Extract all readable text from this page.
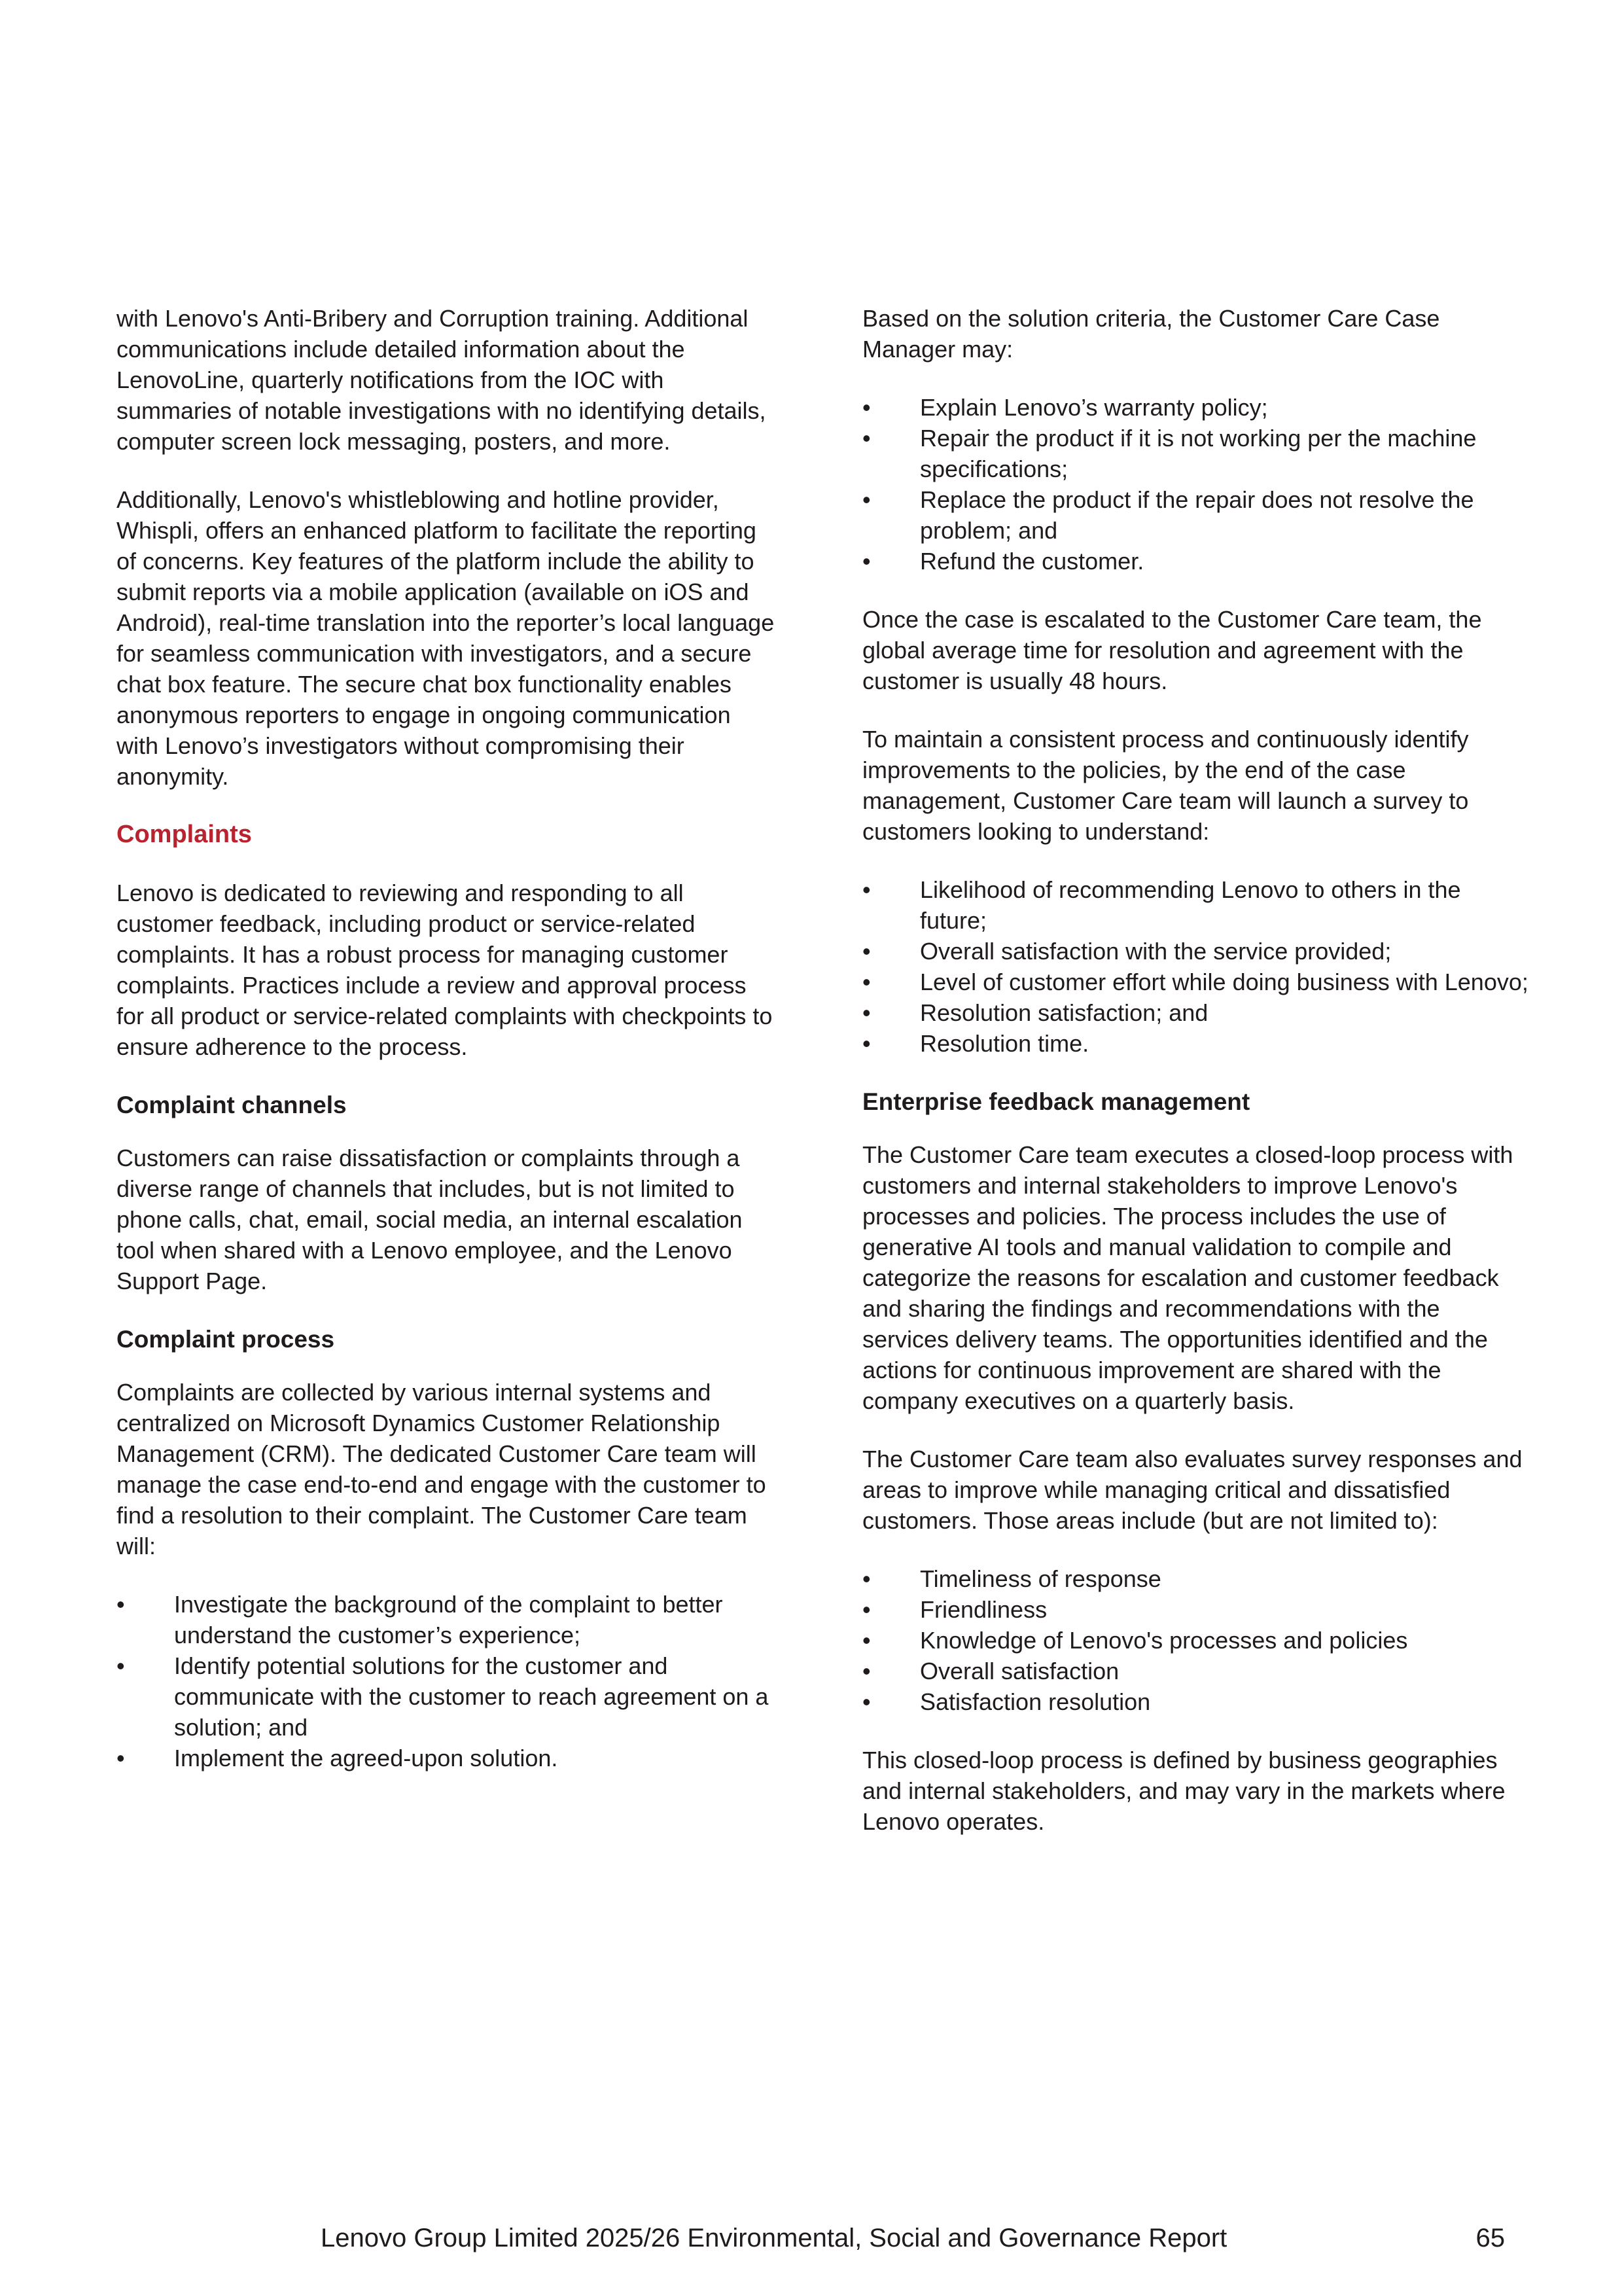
with Lenovo's Anti-Bribery and Corruption training. Additional communications include detailed information about the LenovoLine, quarterly notifications from the IOC with summaries of notable investigations with no identifying details, computer screen lock messaging, posters, and more.

Additionally, Lenovo's whistleblowing and hotline provider, Whispli, offers an enhanced platform to facilitate the reporting of concerns. Key features of the platform include the ability to submit reports via a mobile application (available on iOS and Android), real-time translation into the reporter’s local language for seamless communication with investigators, and a secure chat box feature. The secure chat box functionality enables anonymous reporters to engage in ongoing communication with Lenovo’s investigators without compromising their anonymity.

Complaints

Lenovo is dedicated to reviewing and responding to all customer feedback, including product or service-related complaints. It has a robust process for managing customer complaints. Practices include a review and approval process for all product or service-related complaints with checkpoints to ensure adherence to the process.

Complaint channels

Customers can raise dissatisfaction or complaints through a diverse range of channels that includes, but is not limited to phone calls, chat, email, social media, an internal escalation tool when shared with a Lenovo employee, and the Lenovo Support Page.

Complaint process

Complaints are collected by various internal systems and centralized on Microsoft Dynamics Customer Relationship Management (CRM). The dedicated Customer Care team will manage the case end-to-end and engage with the customer to find a resolution to their complaint. The Customer Care team will:

• Investigate the background of the complaint to better understand the customer’s experience;
• Identify potential solutions for the customer and communicate with the customer to reach agreement on a solution; and
• Implement the agreed-upon solution.

Based on the solution criteria, the Customer Care Case Manager may:

• Explain Lenovo’s warranty policy;
• Repair the product if it is not working per the machine specifications;
• Replace the product if the repair does not resolve the problem; and
• Refund the customer.

Once the case is escalated to the Customer Care team, the global average time for resolution and agreement with the customer is usually 48 hours.

To maintain a consistent process and continuously identify improvements to the policies, by the end of the case management, Customer Care team will launch a survey to customers looking to understand:

• Likelihood of recommending Lenovo to others in the future;
• Overall satisfaction with the service provided;
• Level of customer effort while doing business with Lenovo;
• Resolution satisfaction; and
• Resolution time.
Enterprise feedback management

The Customer Care team executes a closed-loop process with customers and internal stakeholders to improve Lenovo's processes and policies. The process includes the use of generative AI tools and manual validation to compile and categorize the reasons for escalation and customer feedback and sharing the findings and recommendations with the services delivery teams. The opportunities identified and the actions for continuous improvement are shared with the company executives on a quarterly basis.

The Customer Care team also evaluates survey responses and areas to improve while managing critical and dissatisfied customers. Those areas include (but are not limited to):

• Timeliness of response
• Friendliness
• Knowledge of Lenovo's processes and policies
• Overall satisfaction
• Satisfaction resolution

This closed-loop process is defined by business geographies and internal stakeholders, and may vary in the markets where Lenovo operates.

Lenovo Group Limited 2025/26 Environmental, Social and Governance Report	65
